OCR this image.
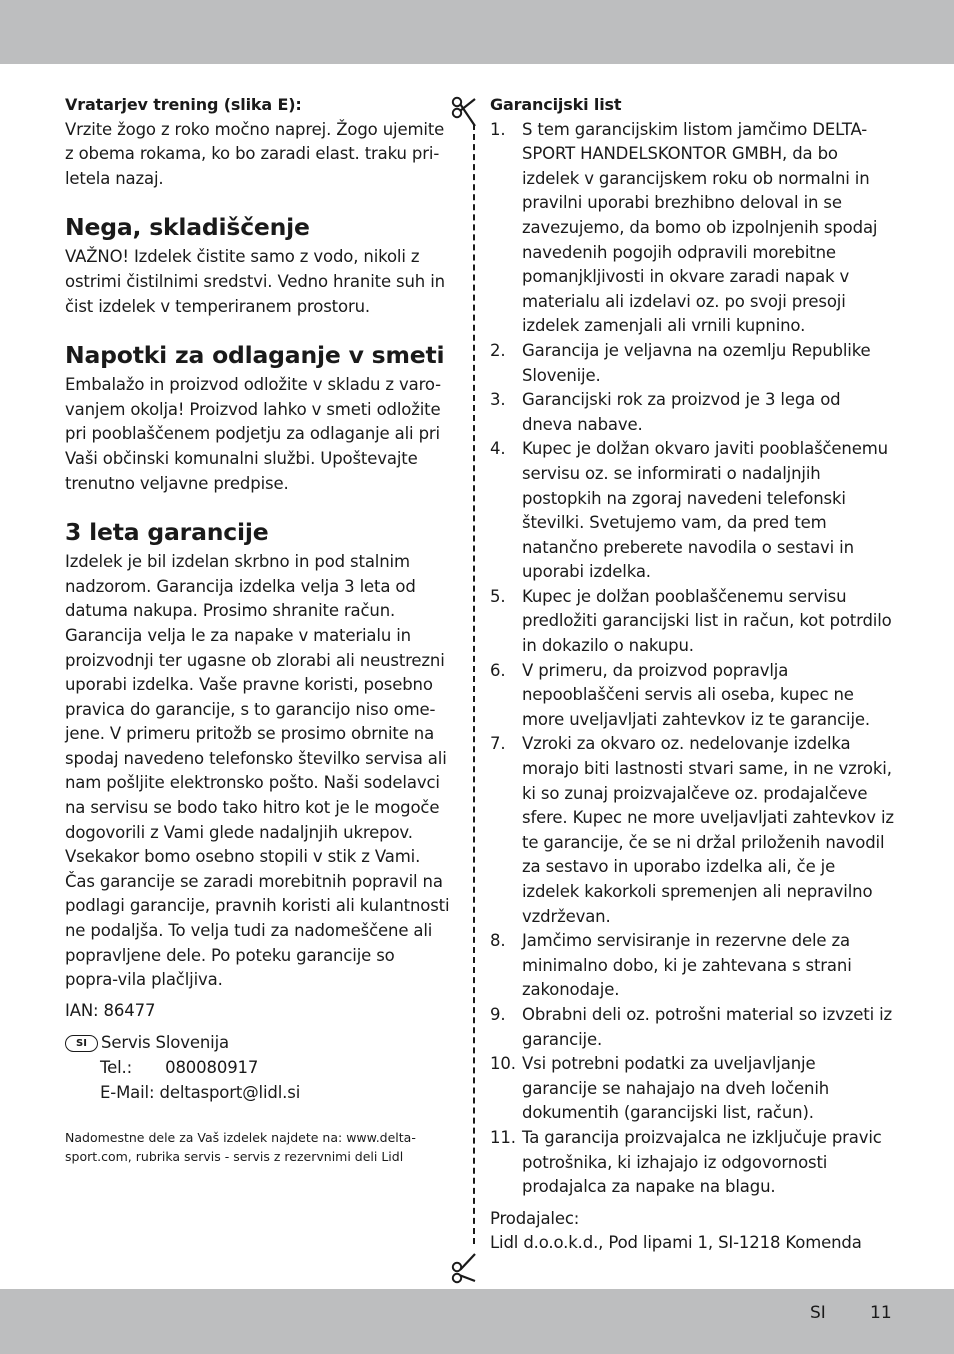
Vratarjev trening (slika E):

Vrzite žogo z roko močno naprej. Žogo ujemite z obema rokama, ko bo zaradi elast. traku pri-letela nazaj.

Nega, skladiščenje

VAŽNO! Izdelek čistite samo z vodo, nikoli z ostrimi čistilnimi sredstvi. Vedno hranite suh in čist izdelek v temperiranem prostoru.

Napotki za odlaganje v smeti

Embalažo in proizvod odložite v skladu z varo-vanjem okolja! Proizvod lahko v smeti odložite pri pooblaščenem podjetju za odlaganje ali pri Vaši občinski komunalni službi. Upoštevajte trenutno veljavne predpise.

3 leta garancije

Izdelek je bil izdelan skrbno in pod stalnim nadzorom. Garancija izdelka velja 3 leta od datuma nakupa. Prosimo shranite račun. Garancija velja le za napake v materialu in proizvodnji ter ugasne ob zlorabi ali neustrezni uporabi izdelka. Vaše pravne koristi, posebno pravica do garancije, s to garancijo niso ome-jene. V primeru pritožb se prosimo obrnite na spodaj navedeno telefonsko številko servisa ali nam pošljite elektronsko pošto. Naši sodelavci na servisu se bodo tako hitro kot je le mogoče dogovorili z Vami glede nadaljnjih ukrepov. Vsekakor bomo osebno stopili v stik z Vami. Čas garancije se zaradi morebitnih popravil na podlagi garancije, pravnih koristi ali kulantnosti ne podaljša. To velja tudi za nadomeščene ali popravljene dele. Po poteku garancije so popra-vila plačljiva.

IAN: 86477

SI Servis Slovenija
Tel.: 080080917

E-Mail: deltasport@lidl.si

Nadomestne dele za Vaš izdelek najdete na: www.delta-sport.com, rubrika servis - servis z rezervnimi deli Lidl

Garancijski list

1.	S tem garancijskim listom jamčimo DELTA-SPORT HANDELSKONTOR GMBH, da bo izdelek v garancijskem roku ob normalni in pravilni uporabi brezhibno deloval in se zavezujemo, da bomo ob izpolnjenih spodaj navedenih pogojih odpravili morebitne pomanjkljivosti in okvare zaradi napak v materialu ali izdelavi oz. po svoji presoji izdelek zamenjali ali vrnili kupnino.
2.	Garancija je veljavna na ozemlju Republike Slovenije.
3.	Garancijski rok za proizvod je 3 lega od dneva nabave.
4.	Kupec je dolžan okvaro javiti pooblaščenemu servisu oz. se informirati o nadaljnjih postopkih na zgoraj navedeni telefonski številki. Svetujemo vam, da pred tem natančno preberete navodila o sestavi in uporabi izdelka.
5.	Kupec je dolžan pooblaščenemu servisu predložiti garancijski list in račun, kot potrdilo in dokazilo o nakupu.
6.	V primeru, da proizvod popravlja nepooblaščeni servis ali oseba, kupec ne more uveljavljati zahtevkov iz te garancije.
7.	Vzroki za okvaro oz. nedelovanje izdelka morajo biti lastnosti stvari same, in ne vzroki, ki so zunaj proizvajalčeve oz. prodajalčeve sfere. Kupec ne more uveljavljati zahtevkov iz te garancije, če se ni držal priloženih navodil za sestavo in uporabo izdelka ali, če je izdelek kakorkoli spremenjen ali nepravilno vzdrževan.
8.	Jamčimo servisiranje in rezervne dele za minimalno dobo, ki je zahtevana s strani zakonodaje.
9.	Obrabni deli oz. potrošni material so izvzeti iz garancije.
10. Vsi potrebni podatki za uveljavljanje garancije se nahajajo na dveh ločenih dokumentih (garancijski list, račun).
11. Ta garancija proizvajalca ne izključuje pravic potrošnika, ki izhajajo iz odgovornosti prodajalca za napake na blagu.

Prodajalec:

Lidl d.o.o.k.d., Pod lipami 1, SI-1218 Komenda

SI	11
